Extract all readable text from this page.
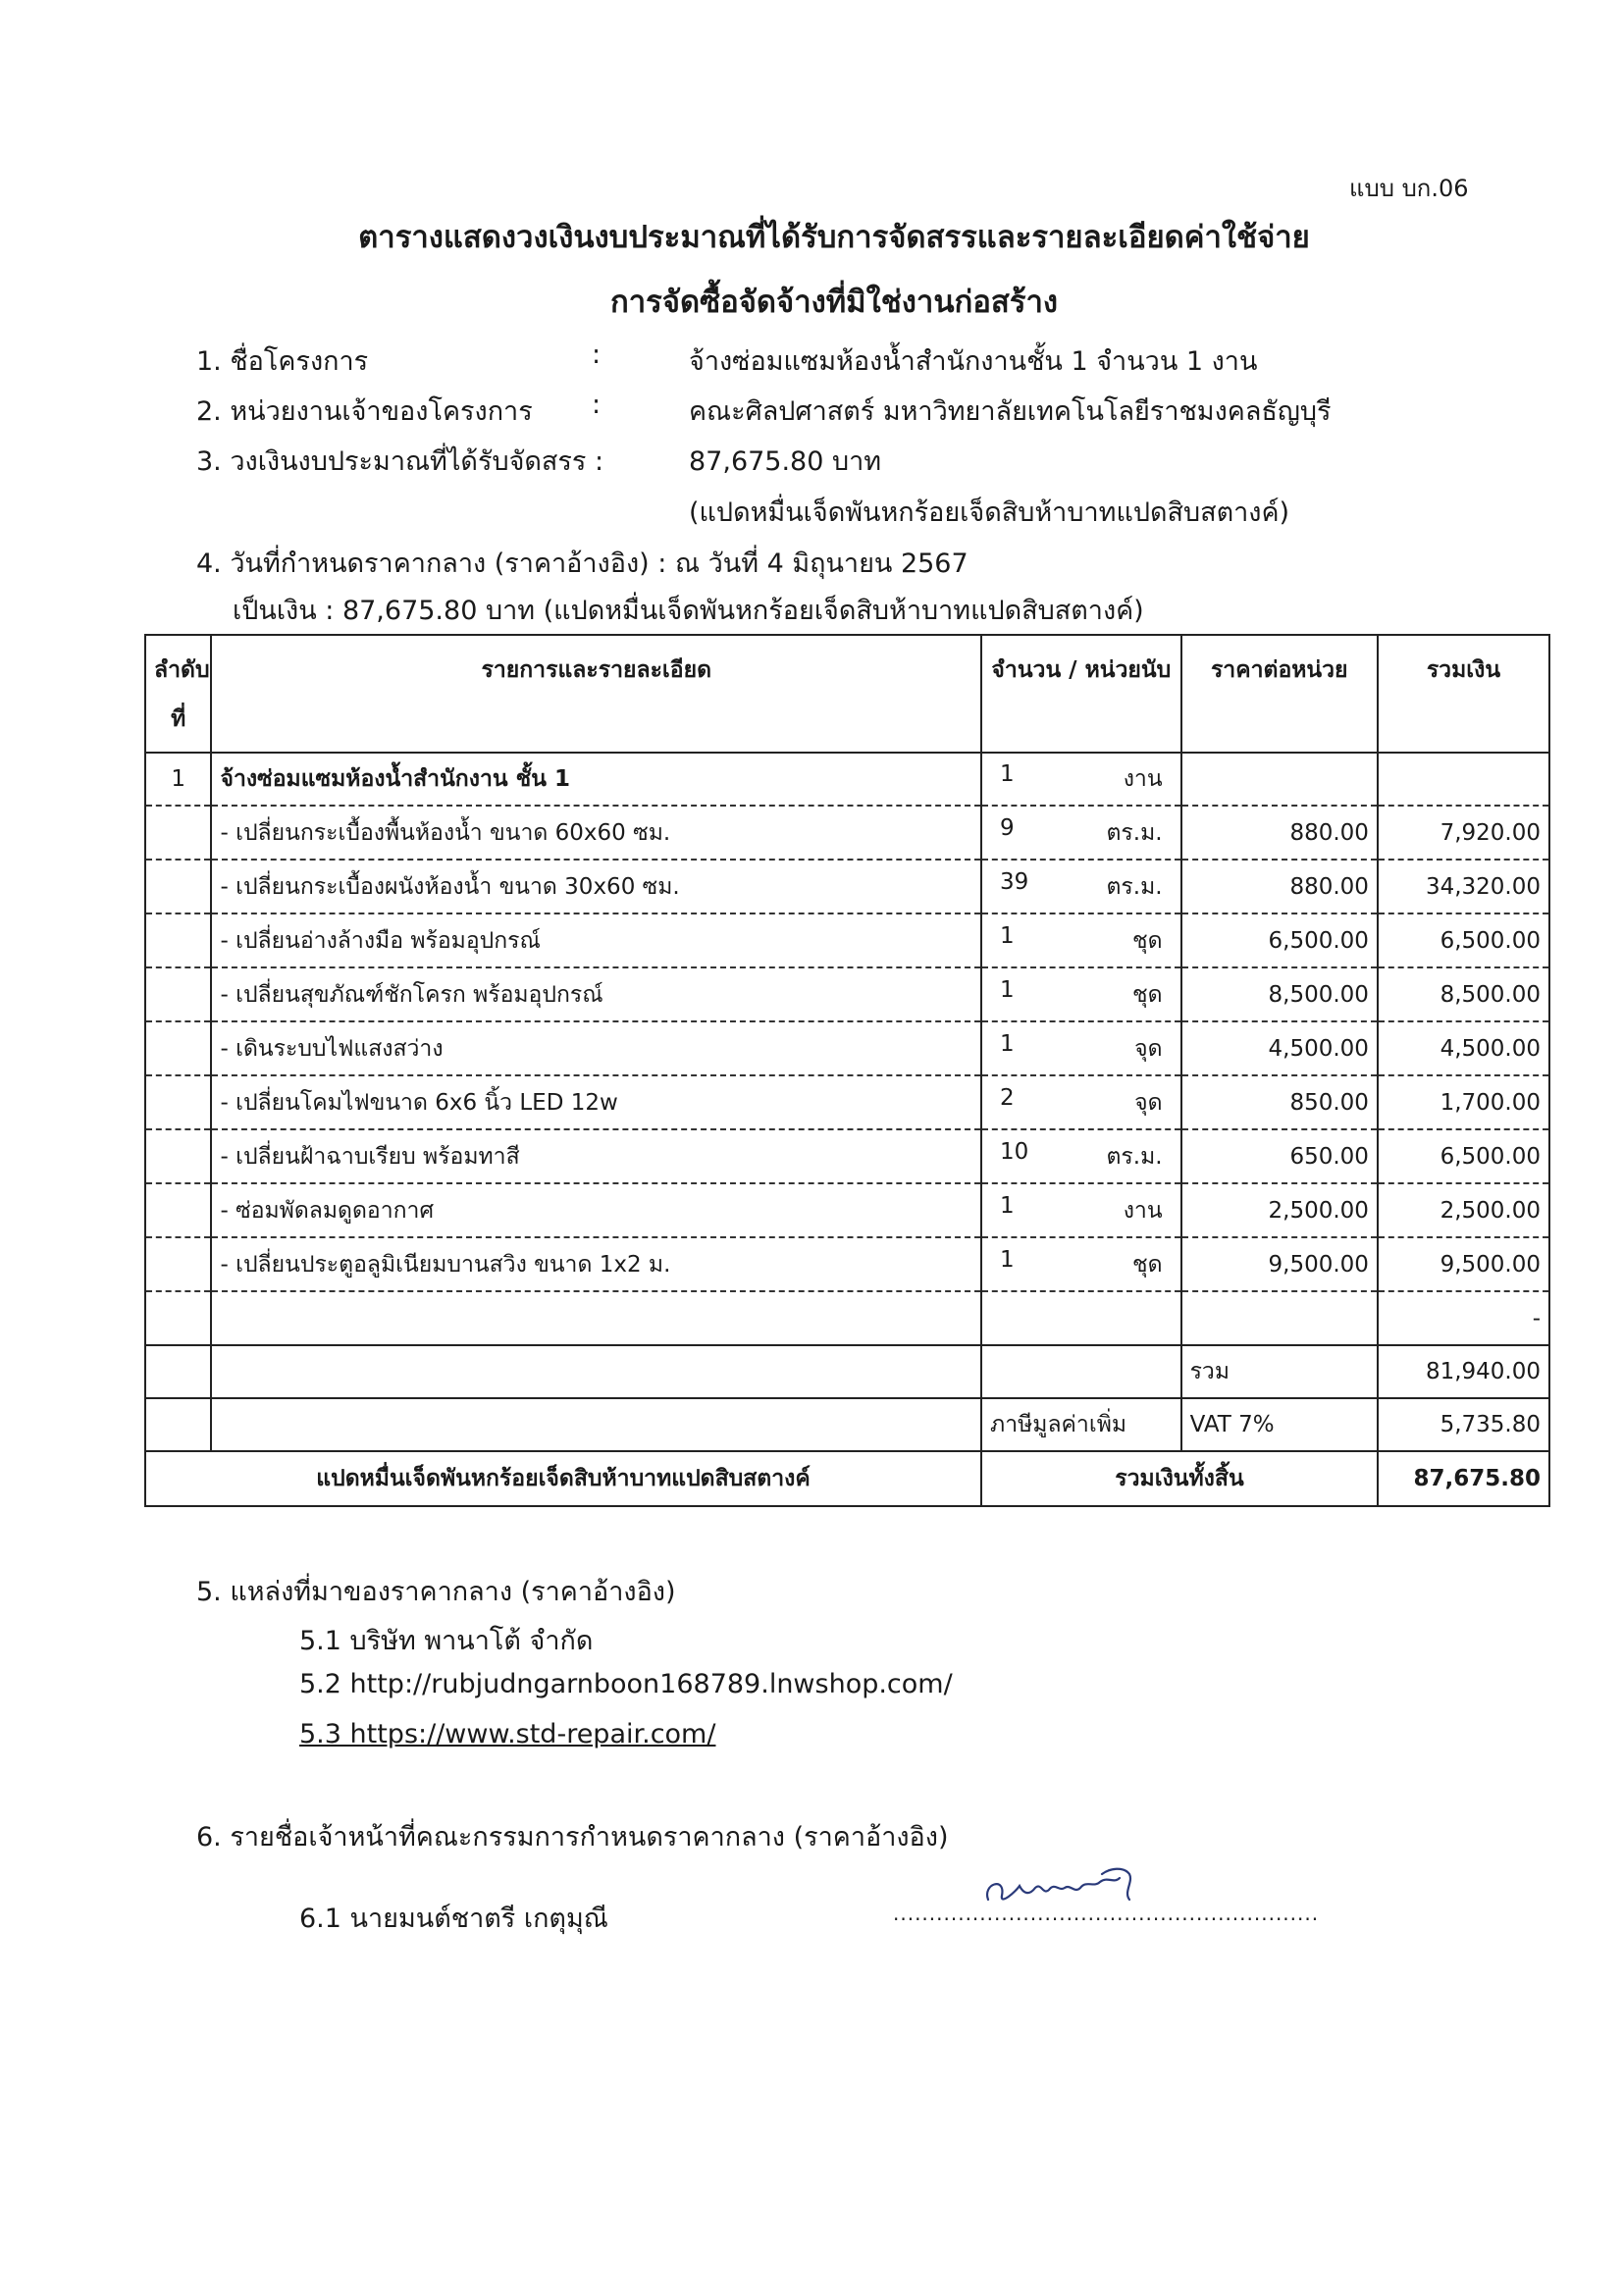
แบบ บก.06
ตารางแสดงวงเงินงบประมาณที่ได้รับการจัดสรรและรายละเอียดค่าใช้จ่าย
การจัดซื้อจัดจ้างที่มิใช่งานก่อสร้าง
1. ชื่อโครงการ	:	จ้างซ่อมแซมห้องน้ำสำนักงานชั้น 1 จำนวน 1 งาน
2. หน่วยงานเจ้าของโครงการ :	คณะศิลปศาสตร์ มหาวิทยาลัยเทคโนโลยีราชมงคลธัญบุรี
3. วงเงินงบประมาณที่ได้รับจัดสรร :	87,675.80 บาท
(แปดหมื่นเจ็ดพันหกร้อยเจ็ดสิบห้าบาทแปดสิบสตางค์)
4. วันที่กำหนดราคากลาง (ราคาอ้างอิง) : ณ วันที่ 4 มิถุนายน 2567
เป็นเงิน : 87,675.80 บาท (แปดหมื่นเจ็ดพันหกร้อยเจ็ดสิบห้าบาทแปดสิบสตางค์)
ลำดับ ที่	รายการและรายละเอียด	จำนวน / หน่วยนับ	ราคาต่อหน่วย	รวมเงิน
1	จ้างซ่อมแซมห้องน้ำสำนักงาน ชั้น 1	1 งาน		

	- เปลี่ยนกระเบื้องพื้นห้องน้ำ ขนาด 60x60 ซม.	9 ตร.ม.	880.00	7,920.00
	- เปลี่ยนกระเบื้องผนังห้องน้ำ ขนาด 30x60 ซม.	39 ตร.ม.	880.00	34,320.00
	- เปลี่ยนอ่างล้างมือ พร้อมอุปกรณ์	1 ชุด	6,500.00	6,500.00
	- เปลี่ยนสุขภัณฑ์ชักโครก พร้อมอุปกรณ์	1 ชุด	8,500.00	8,500.00
	- เดินระบบไฟแสงสว่าง	1 จุด	4,500.00	4,500.00
	- เปลี่ยนโคมไฟขนาด 6x6 นิ้ว LED 12w	2 จุด	850.00	1,700.00
	- เปลี่ยนฝ้าฉาบเรียบ พร้อมทาสี	10 ตร.ม.	650.00	6,500.00
	- ซ่อมพัดลมดูดอากาศ	1 งาน	2,500.00	2,500.00
	- เปลี่ยนประตูอลูมิเนียมบานสวิง ขนาด 1x2 ม.	1 ชุด	9,500.00	9,500.00
				-
			รวม	81,940.00
		ภาษีมูลค่าเพิ่ม	VAT 7%	5,735.80
แปดหมื่นเจ็ดพันหกร้อยเจ็ดสิบห้าบาทแปดสิบสตางค์		รวมเงินทั้งสิ้น		87,675.80
5. แหล่งที่มาของราคากลาง (ราคาอ้างอิง)
5.1 บริษัท พานาโต้ จำกัด
5.2 http://rubjudngarnboon168789.lnwshop.com/
5.3 https://www.std-repair.com/
6. รายชื่อเจ้าหน้าที่คณะกรรมการกำหนดราคากลาง (ราคาอ้างอิง)
6.1 นายมนต์ชาตรี เกตุมุณี	...........................................................
